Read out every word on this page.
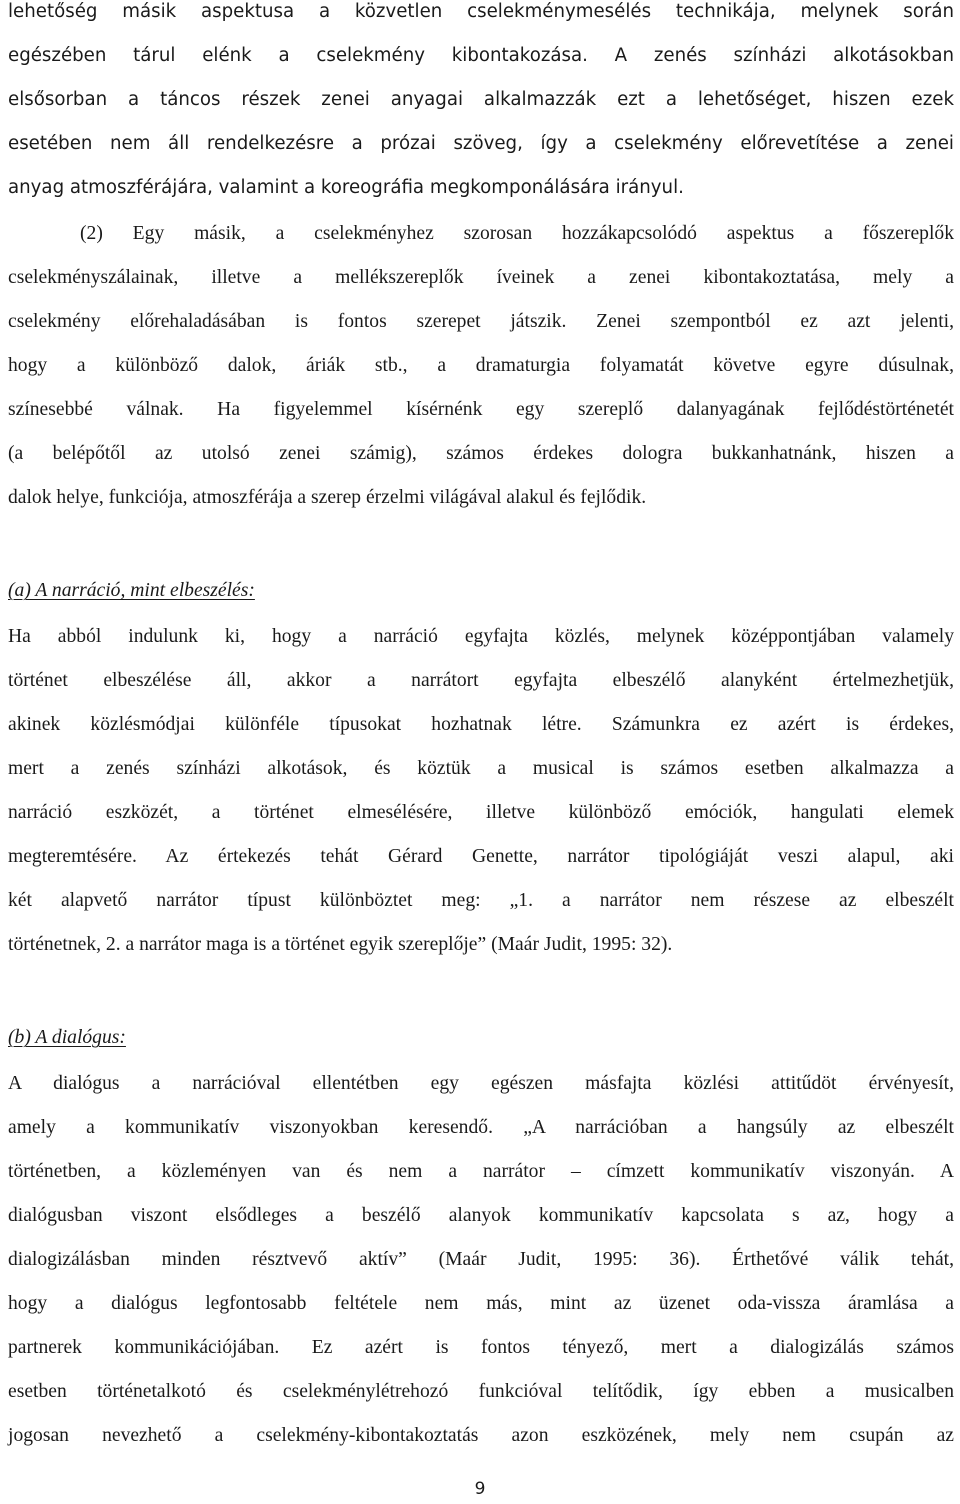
lehetőség másik aspektusa a közvetlen cselekménymesélés technikája, melynek során
egészében tárul elénk a cselekmény kibontakozása. A zenés színházi alkotásokban
elsősorban a táncos részek zenei anyagai alkalmazzák ezt a lehetőséget, hiszen ezek
esetében nem áll rendelkezésre a prózai szöveg, így a cselekmény előrevetítése a zenei
anyag atmoszférájára, valamint a koreográfia megkomponálására irányul.
(2) Egy másik, a cselekményhez szorosan hozzákapcsolódó aspektus a főszereplők
cselekményszálainak, illetve a mellékszereplők íveinek a zenei kibontakoztatása, mely a
cselekmény előrehaladásában is fontos szerepet játszik. Zenei szempontból ez azt jelenti,
hogy a különböző dalok, áriák stb., a dramaturgia folyamatát követve egyre dúsulnak,
színesebbé válnak. Ha figyelemmel kísérnénk egy szereplő dalanyagának fejlődéstörténetét
(a belépőtől az utolsó zenei számig), számos érdekes dologra bukkanhatnánk, hiszen a
dalok helye, funkciója, atmoszférája a szerep érzelmi világával alakul és fejlődik.
(a) A narráció, mint elbeszélés:
Ha abból indulunk ki, hogy a narráció egyfajta közlés, melynek középpontjában valamely
történet elbeszélése áll, akkor a narrátort egyfajta elbeszélő alanyként értelmezhetjük,
akinek közlésmódjai különféle típusokat hozhatnak létre. Számunkra ez azért is érdekes,
mert a zenés színházi alkotások, és köztük a musical is számos esetben alkalmazza a
narráció eszközét, a történet elmesélésére, illetve különböző emóciók, hangulati elemek
megteremtésére. Az értekezés tehát Gérard Genette, narrátor tipológiáját veszi alapul, aki
két alapvető narrátor típust különböztet meg: „1. a narrátor nem részese az elbeszélt
történetnek, 2. a narrátor maga is a történet egyik szereplője” (Maár Judit, 1995: 32).
(b) A dialógus:
A dialógus a narrációval ellentétben egy egészen másfajta közlési attitűdöt érvényesít,
amely a kommunikatív viszonyokban keresendő. „A narrációban a hangsúly az elbeszélt
történetben, a közleményen van és nem a narrátor – címzett kommunikatív viszonyán. A
dialógusban viszont elsődleges a beszélő alanyok kommunikatív kapcsolata s az, hogy a
dialogizálásban minden résztvevő aktív” (Maár Judit, 1995: 36). Érthetővé válik tehát,
hogy a dialógus legfontosabb feltétele nem más, mint az üzenet oda-vissza áramlása a
partnerek kommunikációjában. Ez azért is fontos tényező, mert a dialogizálás számos
esetben történetalkotó és cselekménylétrehozó funkcióval telítődik, így ebben a musicalben
jogosan nevezhető a cselekmény-kibontakoztatás azon eszközének, mely nem csupán az
9
